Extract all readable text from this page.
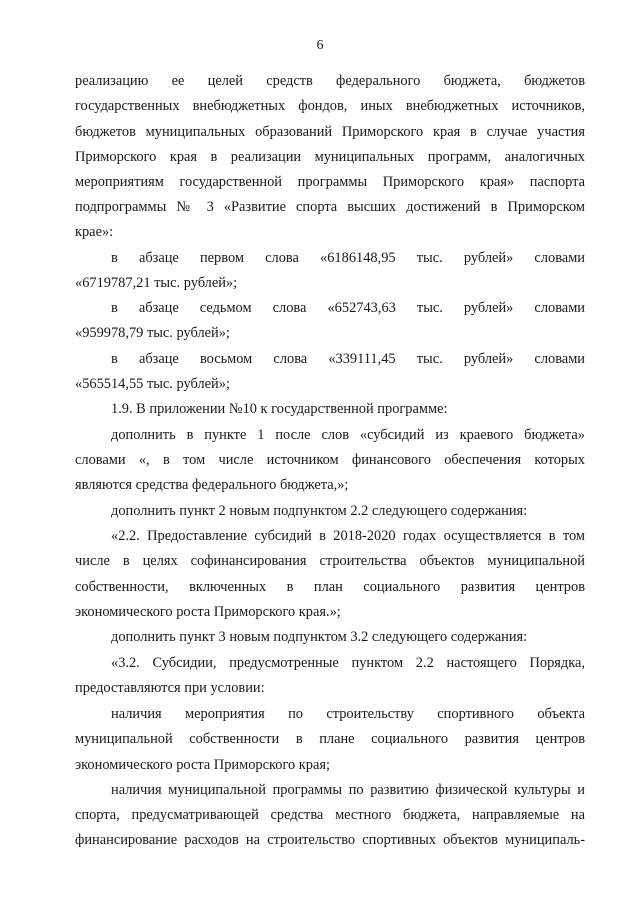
6
реализацию ее целей средств федерального бюджета, бюджетов
государственных внебюджетных фондов, иных внебюджетных источников,
бюджетов муниципальных образований Приморского края в случае участия
Приморского края в реализации муниципальных программ, аналогичных
мероприятиям государственной программы Приморского края» паспорта
подпрограммы № 3 «Развитие спорта высших достижений в Приморском
крае»:
в абзаце первом слова «6186148,95 тыс. рублей» словами
«6719787,21 тыс. рублей»;
в абзаце седьмом слова «652743,63 тыс. рублей» словами
«959978,79 тыс. рублей»;
в абзаце восьмом слова «339111,45 тыс. рублей» словами
«565514,55 тыс. рублей»;
1.9. В приложении №10 к государственной программе:
дополнить в пункте 1 после слов «субсидий из краевого бюджета»
словами «, в том числе источником финансового обеспечения которых
являются средства федерального бюджета,»;
дополнить пункт 2 новым подпунктом 2.2 следующего содержания:
«2.2. Предоставление субсидий в 2018-2020 годах осуществляется в том
числе в целях софинансирования строительства объектов муниципальной
собственности, включенных в план социального развития центров
экономического роста Приморского края.»;
дополнить пункт 3 новым подпунктом 3.2 следующего содержания:
«3.2. Субсидии, предусмотренные пунктом 2.2 настоящего Порядка,
предоставляются при условии:
наличия мероприятия по строительству спортивного объекта
муниципальной собственности в плане социального развития центров
экономического роста Приморского края;
наличия муниципальной программы по развитию физической культуры и
спорта, предусматривающей средства местного бюджета, направляемые на
финансирование расходов на строительство спортивных объектов муниципаль-
